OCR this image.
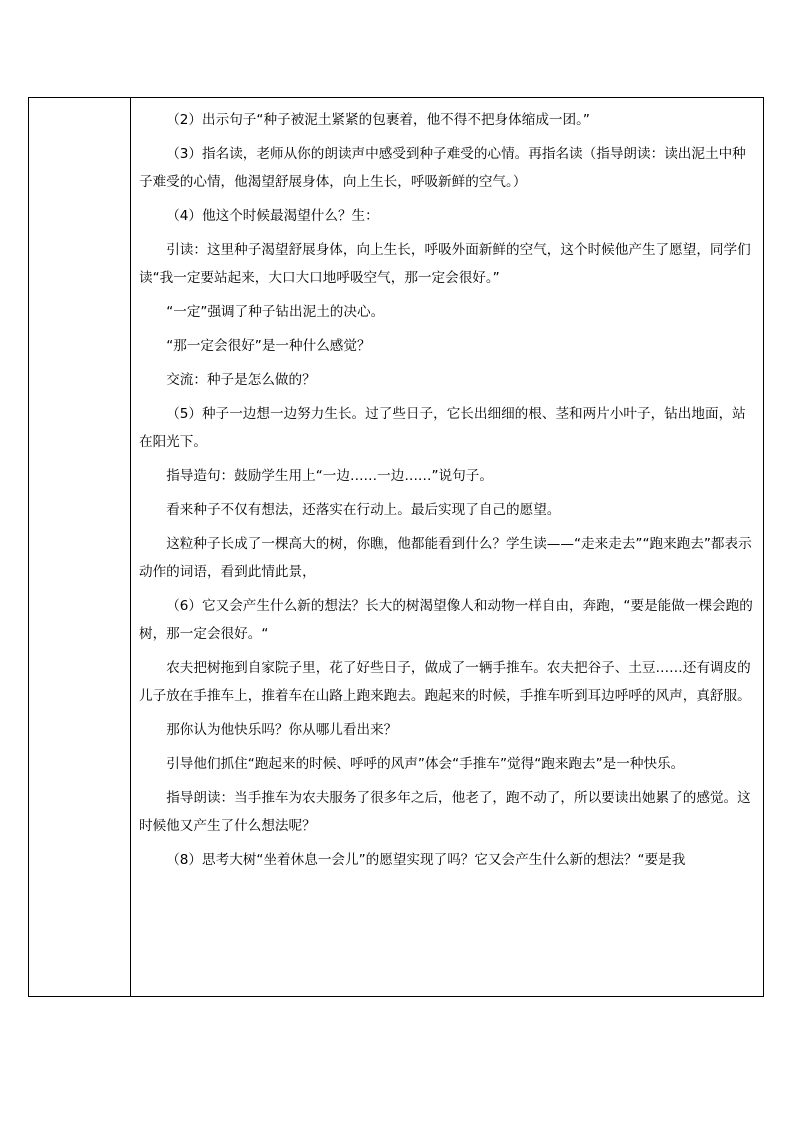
（2）出示句子“种子被泥土紧紧的包裹着，他不得不把身体缩成一团。”

（3）指名读，老师从你的朗读声中感受到种子难受的心情。再指名读（指导朗读：读出泥土中种子难受的心情，他渴望舒展身体，向上生长，呼吸新鲜的空气。）

（4）他这个时候最渴望什么？生：

引读：这里种子渴望舒展身体，向上生长，呼吸外面新鲜的空气，这个时候他产生了愿望，同学们读“我一定要站起来，大口大口地呼吸空气，那一定会很好。”

“一定”强调了种子钻出泥土的决心。

“那一定会很好”是一种什么感觉？

交流：种子是怎么做的？

（5）种子一边想一边努力生长。过了些日子，它长出细细的根、茎和两片小叶子，钻出地面，站在阳光下。

指导造句：鼓励学生用上“一边……一边……”说句子。

看来种子不仅有想法，还落实在行动上。最后实现了自己的愿望。

这粒种子长成了一棵高大的树，你瞧，他都能看到什么？学生读——“走来走去”“跑来跑去”都表示动作的词语，看到此情此景，

（6）它又会产生什么新的想法？长大的树渴望像人和动物一样自由，奔跑，“要是能做一棵会跑的树，那一定会很好。“

农夫把树拖到自家院子里，花了好些日子，做成了一辆手推车。农夫把谷子、土豆……还有调皮的儿子放在手推车上，推着车在山路上跑来跑去。跑起来的时候，手推车听到耳边呼呼的风声，真舒服。

那你认为他快乐吗？你从哪儿看出来？

引导他们抓住“跑起来的时候、呼呼的风声”体会“手推车”觉得“跑来跑去”是一种快乐。

指导朗读：当手推车为农夫服务了很多年之后，他老了，跑不动了，所以要读出她累了的感觉。这时候他又产生了什么想法呢？

（8）思考大树“坐着休息一会儿”的愿望实现了吗？它又会产生什么新的想法？“要是我
